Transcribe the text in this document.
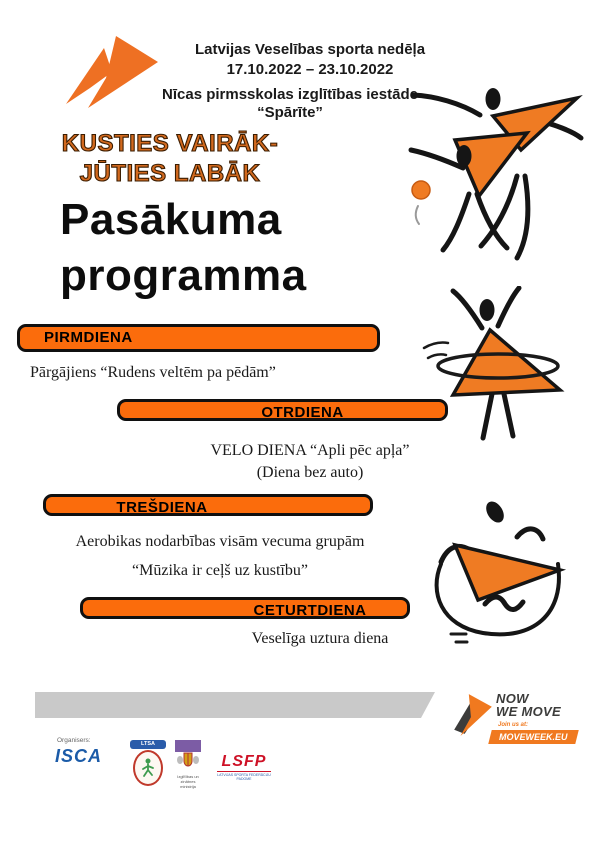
Latvijas Veselības sporta nedēļa
17.10.2022 – 23.10.2022
Nīcas pirmsskolas izglītības iestāde
“Spārīte”
KUSTIES VAIRĀK-
JŪTIES LABĀK
Pasākuma
programma
PIRMDIENA
Pārgājiens “Rudens veltēm pa pēdām”
OTRDIENA
VELO DIENA “Apli pēc apļa”
(Diena bez auto)
TREŠDIENA
Aerobikas nodarbības visām vecuma grupām
“Mūzika ir ceļš uz kustību”
CETURTDIENA
Veselīga uztura diena
NOW
WE MOVE
Join us at:
MOVEWEEK.EU
Organisers:
ISCA
LTSA
Izglītības un zinātnes
ministrija
LSFP
LATVIJAS SPORTA FEDERĀCIJU PADOME
